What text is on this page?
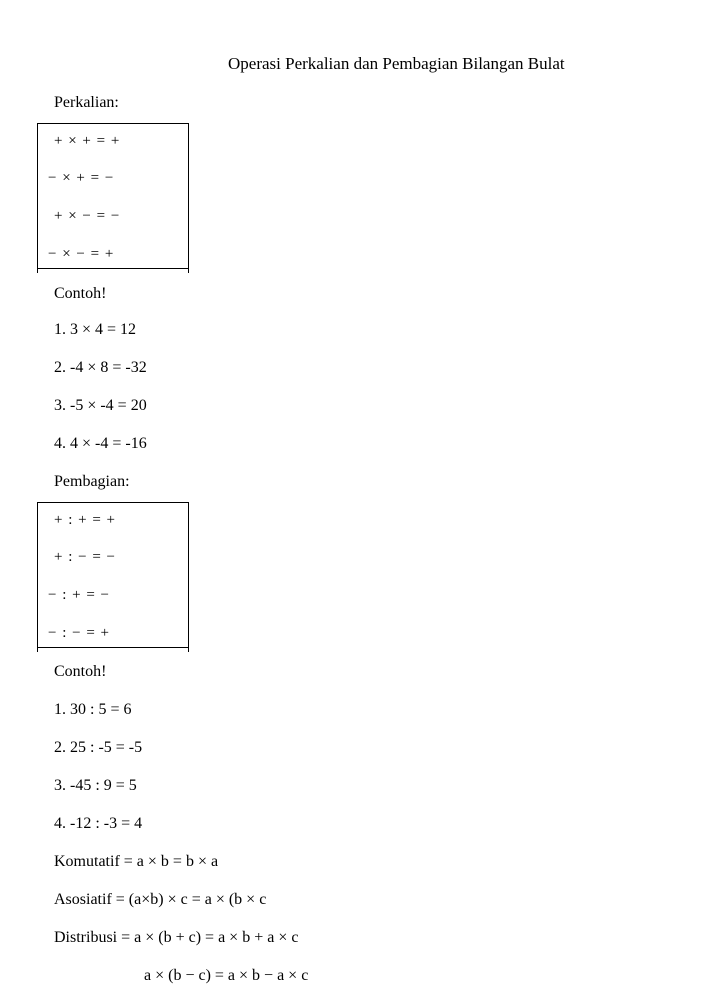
Operasi Perkalian dan Pembagian Bilangan Bulat
Perkalian:
+ × + = +
− × + = −
+ × − = −
− × − = +
Contoh!
1. 3 × 4 = 12
2. -4 × 8 = -32
3. -5 × -4 = 20
4. 4 × -4 = -16
Pembagian:
+ : + = +
+ : − = −
− : + = −
− : − = +
Contoh!
1. 30 : 5 = 6
2. 25 : -5 = -5
3. -45 : 9 = 5
4. -12 : -3 = 4
Komutatif = a × b = b × a
Asosiatif = (a×b) × c = a × (b × c
Distribusi = a × (b + c) = a × b + a × c
a × (b − c) = a × b − a × c
